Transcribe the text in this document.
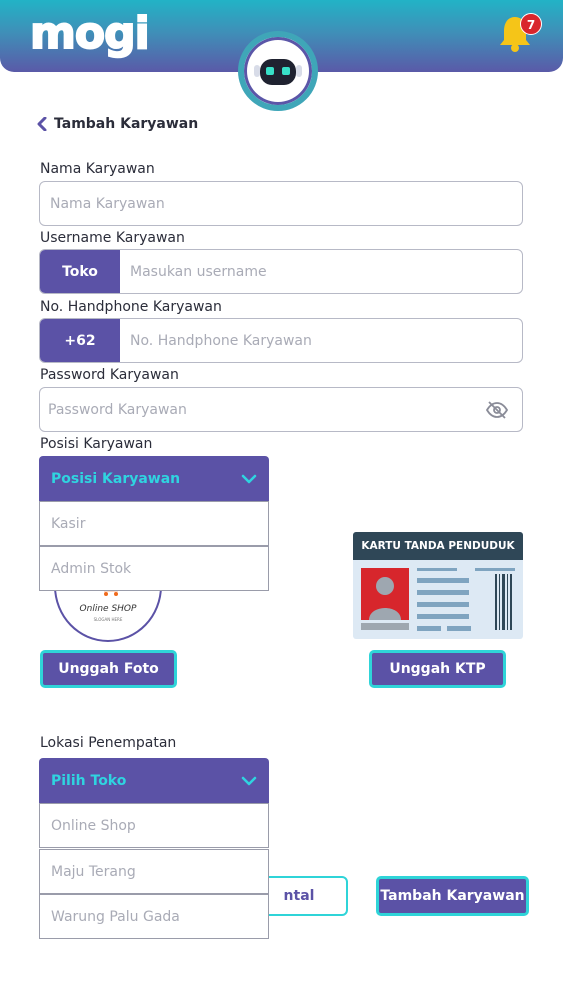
mogi	7
Tambah Karyawan
Nama Karyawan
Nama Karyawan
Username Karyawan
Toko	Masukan username
No. Handphone Karyawan
+62	No. Handphone Karyawan
Password Karyawan
Password Karyawan
Online SHOP
SLOGAN HERE
KARTU TANDA PENDUDUK
Posisi Karyawan
Posisi Karyawan
Kasir
Admin Stok
Unggah Foto	Unggah KTP
ntal	Tambah Karyawan
Lokasi Penempatan
Pilih Toko
Online Shop
Maju Terang
Warung Palu Gada
